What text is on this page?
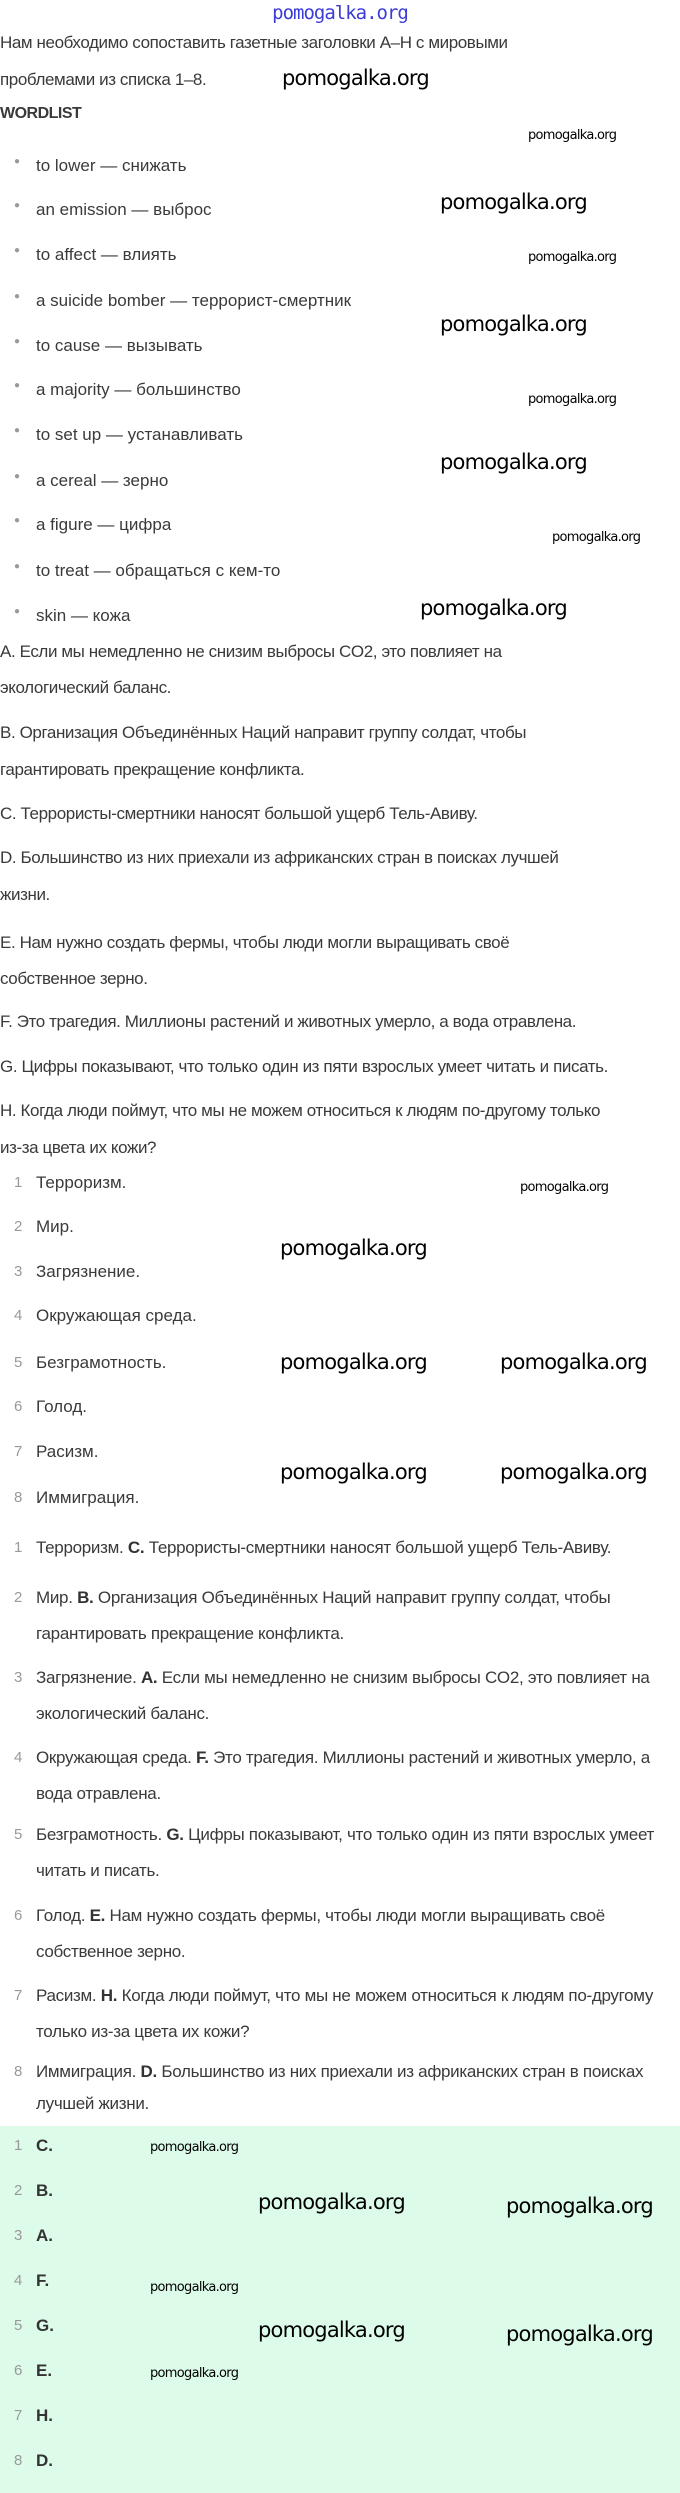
pomogalka.org
Нам необходимо сопоставить газетные заголовки A–H с мировыми
проблемами из списка 1–8.
WORDLIST
● to lower — снижать
● an emission — выброс
● to affect — влиять
● a suicide bomber — террорист-смертник
● to cause — вызывать
● a majority — большинство
● to set up — устанавливать
● a cereal — зерно
● a figure — цифра
● to treat — обращаться с кем-то
● skin — кожа
A. Если мы немедленно не снизим выбросы CO2, это повлияет на
экологический баланс.
B. Организация Объединённых Наций направит группу солдат, чтобы
гарантировать прекращение конфликта.
C. Террористы-смертники наносят большой ущерб Тель-Авиву.
D. Большинство из них приехали из африканских стран в поисках лучшей
жизни.
E. Нам нужно создать фермы, чтобы люди могли выращивать своё
собственное зерно.
F. Это трагедия. Миллионы растений и животных умерло, а вода отравлена.
G. Цифры показывают, что только один из пяти взрослых умеет читать и писать.
H. Когда люди поймут, что мы не можем относиться к людям по-другому только
из-за цвета их кожи?
1 Терроризм.
2 Мир.
3 Загрязнение.
4 Окружающая среда.
5 Безграмотность.
6 Голод.
7 Расизм.
8 Иммиграция.
1 Терроризм. C. Террористы-смертники наносят большой ущерб Тель-Авиву.
2 Мир. B. Организация Объединённых Наций направит группу солдат, чтобы гарантировать прекращение конфликта.
3 Загрязнение. A. Если мы немедленно не снизим выбросы CO2, это повлияет на экологический баланс.
4 Окружающая среда. F. Это трагедия. Миллионы растений и животных умерло, а вода отравлена.
5 Безграмотность. G. Цифры показывают, что только один из пяти взрослых умеет читать и писать.
6 Голод. E. Нам нужно создать фермы, чтобы люди могли выращивать своё собственное зерно.
7 Расизм. H. Когда люди поймут, что мы не можем относиться к людям по-другому только из-за цвета их кожи?
8 Иммиграция. D. Большинство из них приехали из африканских стран в поисках лучшей жизни.
1 C.
2 B.
3 A.
4 F.
5 G.
6 E.
7 H.
8 D.
pomogalka.org
pomogalka.org
pomogalka.org
pomogalka.org
pomogalka.org
pomogalka.org
pomogalka.org
pomogalka.org
pomogalka.org
pomogalka.org
pomogalka.org
pomogalka.org	pomogalka.org
pomogalka.org	pomogalka.org
pomogalka.org
pomogalka.org	pomogalka.org
pomogalka.org
pomogalka.org	pomogalka.org
pomogalka.org
